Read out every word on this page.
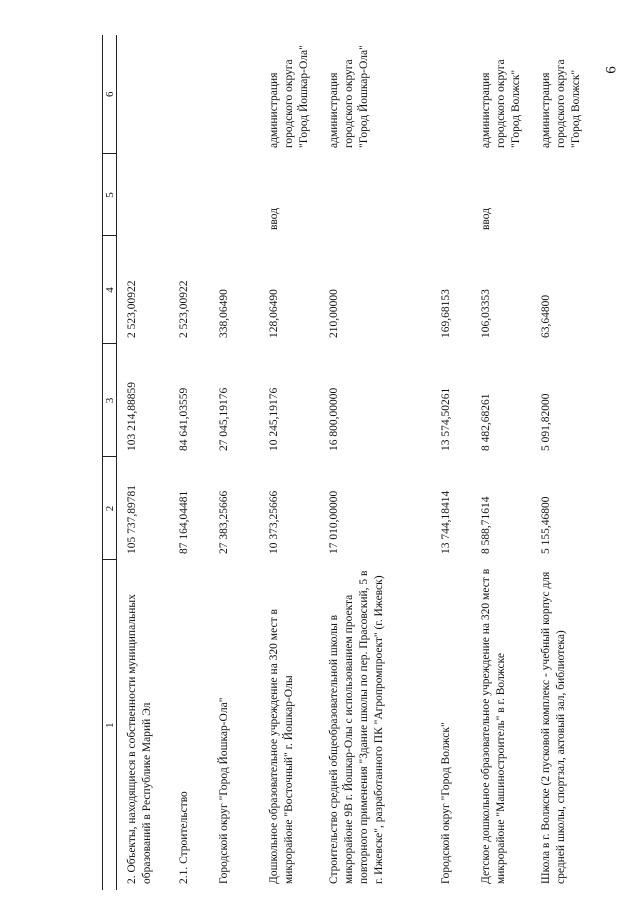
6
1	2	3	4	5	6
2. Объекты, находящиеся в собственности муниципальных образований в Республике Марий Эл	105 737,89781	103 214,88859	2 523,00922		
2.1. Строительство	87 164,04481	84 641,03559	2 523,00922		
Городской округ "Город Йошкар-Ола"	27 383,25666	27 045,19176	338,06490		
Дошкольное образовательное учреждение на 320 мест в микрорайоне "Восточный" г. Йошкар-Олы	10 373,25666	10 245,19176	128,06490	ввод	администрация городского округа "Город Йошкар-Ола"
Строительство средней общеобразовательной школы в микрорайоне 9В г. Йошкар-Олы с использованием проекта повторного применения "Здание школы по пер. Прасовский, 5 в г. Ижевске", разработанного ПК "Агропромпроект" (г. Ижевск)	17 010,00000	16 800,00000	210,00000		администрация городского округа "Город Йошкар-Ола"
Городской округ "Город Волжск"	13 744,18414	13 574,50261	169,68153		
Детское дошкольное образовательное учреждение на 320 мест в микрорайоне "Машиностроитель" в г. Волжске	8 588,71614	8 482,68261	106,03353	ввод	администрация городского округа "Город Волжск"
Школа в г. Волжске (2 пусковой комплекс - учебный корпус для средней школы, спортзал, актовый зал, библиотека)	5 155,46800	5 091,82000	63,64800		администрация городского округа "Город Волжск"
